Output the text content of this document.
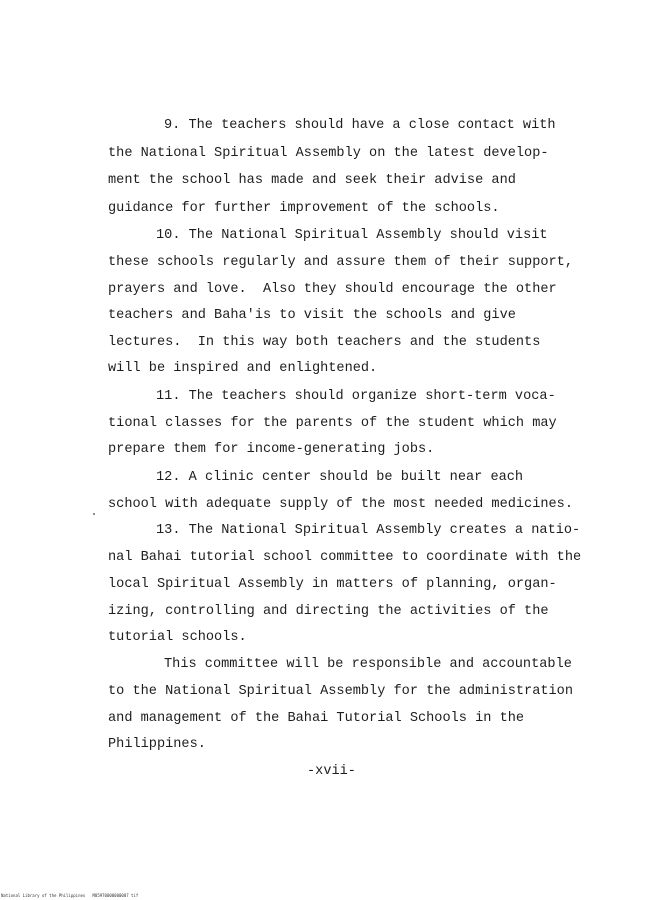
9. The teachers should have a close contact with
the National Spiritual Assembly on the latest develop-
ment the school has made and seek their advise and
guidance for further improvement of the schools.
10. The National Spiritual Assembly should visit
these schools regularly and assure them of their support,
prayers and love.  Also they should encourage the other
teachers and Baha'is to visit the schools and give
lectures.  In this way both teachers and the students
will be inspired and enlightened.
11. The teachers should organize short-term voca-
tional classes for the parents of the student which may
prepare them for income-generating jobs.
12. A clinic center should be built near each
school with adequate supply of the most needed medicines.
13. The National Spiritual Assembly creates a natio-
nal Bahai tutorial school committee to coordinate with the
local Spiritual Assembly in matters of planning, organ-
izing, controlling and directing the activities of the
tutorial schools.
This committee will be responsible and accountable
to the National Spiritual Assembly for the administration
and management of the Bahai Tutorial Schools in the
Philippines.
-xvii-
National Library of the Philippines   M05970000000007 tif
